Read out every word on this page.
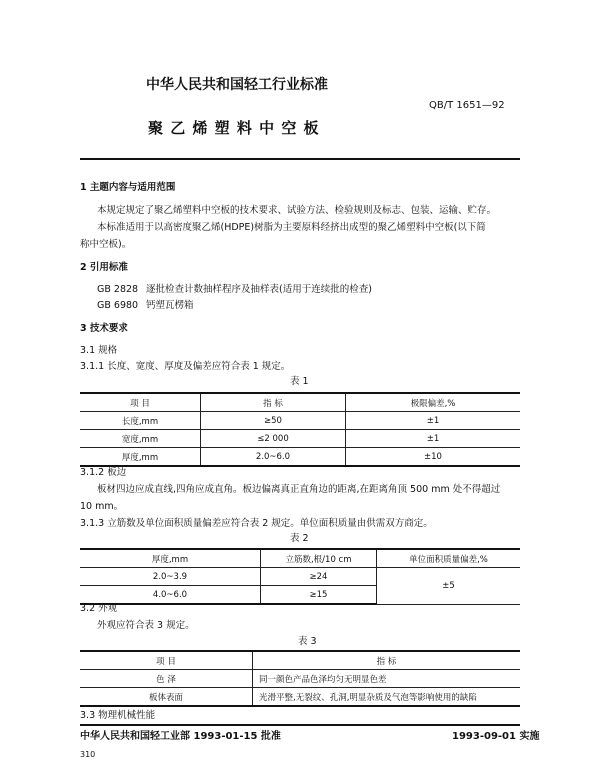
中华人民共和国轻工行业标准
QB/T 1651—92
聚 乙 烯 塑 料 中 空 板
1 主题内容与适用范围
本规定规定了聚乙烯塑料中空板的技术要求、试验方法、检验规则及标志、包装、运输、贮存。
本标准适用于以高密度聚乙烯(HDPE)树脂为主要原料经挤出成型的聚乙烯塑料中空板(以下简
称中空板)。
2 引用标准
GB 2828 逐批检查计数抽样程序及抽样表(适用于连续批的检查)
GB 6980 钙塑瓦楞箱
3 技术要求
3.1 规格
3.1.1 长度、宽度、厚度及偏差应符合表 1 规定。
表 1
项 目	指 标	极限偏差,%
长度,mm	≥50	±1
宽度,mm	≤2 000	±1
厚度,mm	2.0~6.0	±10
3.1.2 板边
板材四边应成直线,四角应成直角。板边偏离真正直角边的距离,在距离角顶 500 mm 处不得超过
10 mm。
3.1.3 立筋数及单位面积质量偏差应符合表 2 规定。单位面积质量由供需双方商定。
表 2
厚度,mm	立筋数,根/10 cm	单位面积质量偏差,%
2.0~3.9	≥24	±5
4.0~6.0	≥15	
3.2 外观
外观应符合表 3 规定。
表 3
项 目	指 标
色 泽	同一颜色产品色泽均匀无明显色差
板体表面	光滑平整,无裂纹、孔洞,明显杂质及气泡等影响使用的缺陷
3.3 物理机械性能
中华人民共和国轻工业部 1993-01-15 批准	1993-09-01 实施
310
